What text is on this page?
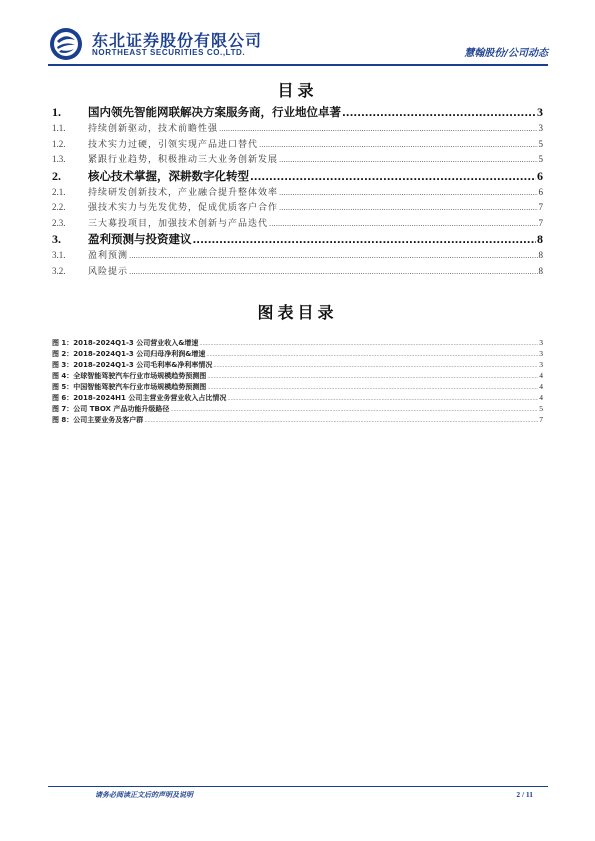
东北证券股份有限公司
NORTHEAST SECURITIES CO.,LTD.	慧翰股份/公司动态
目录
1.	国内领先智能网联解决方案服务商，行业地位卓著 .....	3
1.1.	持续创新驱动，技术前瞻性强 .....	3
1.2.	技术实力过硬，引领实现产品进口替代 .....	5
1.3.	紧跟行业趋势，积极推动三大业务创新发展 .....	5
2.	核心技术掌握，深耕数字化转型 .....	6
2.1.	持续研发创新技术，产业融合提升整体效率 .....	6
2.2.	强技术实力与先发优势，促成优质客户合作 .....	7
2.3.	三大募投项目，加强技术创新与产品迭代 .....	7
3.	盈利预测与投资建议 .....	8
3.1.	盈利预测 .....	8
3.2.	风险提示 .....	8
图表目录
图 1：2018-2024Q1-3 公司营业收入&增速 .....	3
图 2：2018-2024Q1-3 公司归母净利润&增速 .....	3
图 3：2018-2024Q1-3 公司毛利率&净利率情况 .....	3
图 4：全球智能驾驶汽车行业市场规模趋势预测图 .....	4
图 5：中国智能驾驶汽车行业市场规模趋势预测图 .....	4
图 6：2018-2024H1 公司主营业务营业收入占比情况 .....	4
图 7：公司 TBOX 产品功能升级路径 .....	5
图 8：公司主要业务及客户群 .....	7
请务必阅读正文后的声明及说明	2 / 11
